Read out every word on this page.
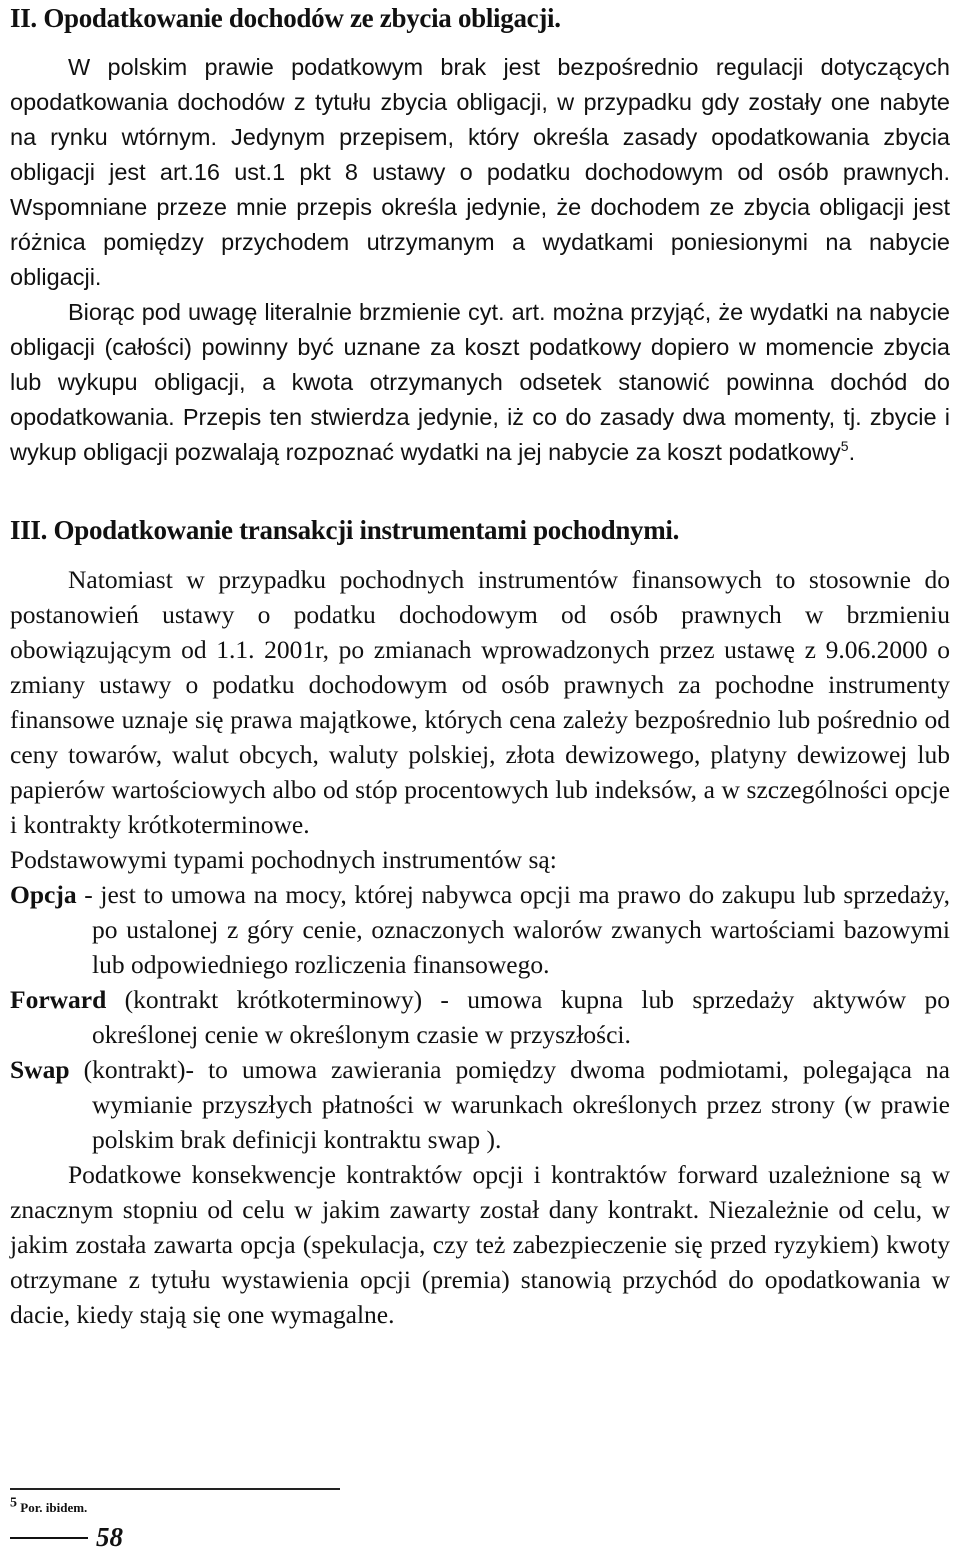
II. Opodatkowanie dochodów ze zbycia obligacji.

W polskim prawie podatkowym brak jest bezpośrednio regulacji dotyczących opodatkowania dochodów z tytułu zbycia obligacji, w przypadku gdy zostały one nabyte na rynku wtórnym. Jedynym przepisem, który określa zasady opodatkowania zbycia obligacji jest art.16 ust.1 pkt 8 ustawy o podatku dochodowym od osób prawnych. Wspomniane przeze mnie przepis określa jedynie, że dochodem ze zbycia obligacji jest różnica pomiędzy przychodem utrzymanym a wydatkami poniesionymi na nabycie obligacji.

Biorąc pod uwagę literalnie brzmienie cyt. art. można przyjąć, że wydatki na nabycie obligacji (całości) powinny być uznane za koszt podatkowy dopiero w momencie zbycia lub wykupu obligacji, a kwota otrzymanych odsetek stanowić powinna dochód do opodatkowania. Przepis ten stwierdza jedynie, iż co do zasady dwa momenty, tj. zbycie i wykup obligacji pozwalają rozpoznać wydatki na jej nabycie za koszt podatkowy$^5$.

III. Opodatkowanie transakcji instrumentami pochodnymi.

Natomiast w przypadku pochodnych instrumentów finansowych to stosownie do postanowień ustawy o podatku dochodowym od osób prawnych w brzmieniu obowiązującym od 1.1. 2001r, po zmianach wprowadzonych przez ustawę z 9.06.2000 o zmiany ustawy o podatku dochodowym od osób prawnych za pochodne instrumenty finansowe uznaje się prawa majątkowe, których cena zależy bezpośrednio lub pośrednio od ceny towarów, walut obcych, waluty polskiej, złota dewizowego, platyny dewizowej lub papierów wartościowych albo od stóp procentowych lub indeksów, a w szczególności opcje i kontrakty krótkoterminowe.

Podstawowymi typami pochodnych instrumentów są:

Opcja - jest to umowa na mocy, której nabywca opcji ma prawo do zakupu lub sprzedaży, po ustalonej z góry cenie, oznaczonych walorów zwanych wartościami bazowymi lub odpowiedniego rozliczenia finansowego.

Forward (kontrakt krótkoterminowy) - umowa kupna lub sprzedaży aktywów po określonej cenie w określonym czasie w przyszłości.

Swap (kontrakt)- to umowa zawierania pomiędzy dwoma podmiotami, polegająca na wymianie przyszłych płatności w warunkach określonych przez strony (w prawie polskim brak definicji kontraktu swap ).

Podatkowe konsekwencje kontraktów opcji i kontraktów forward uzależnione są w znacznym stopniu od celu w jakim zawarty został dany kontrakt. Niezależnie od celu, w jakim została zawarta opcja (spekulacja, czy też zabezpieczenie się przed ryzykiem) kwoty otrzymane z tytułu wystawienia opcji (premia) stanowią przychód do opodatkowania w dacie, kiedy stają się one wymagalne.

$^5$ Por. ibidem.
58
